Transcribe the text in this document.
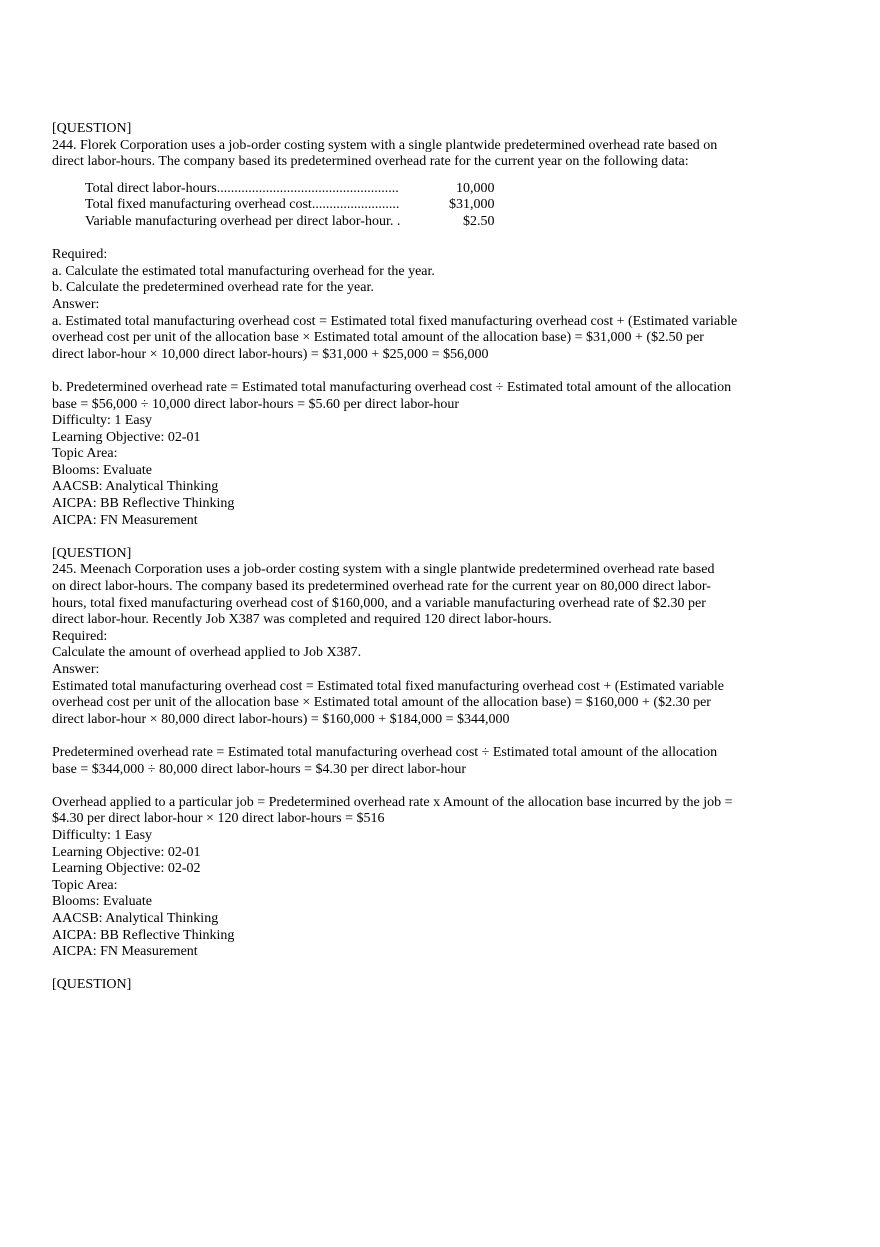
[QUESTION]
244. Florek Corporation uses a job-order costing system with a single plantwide predetermined overhead rate based on
direct labor-hours. The company based its predetermined overhead rate for the current year on the following data:
Total direct labor-hours....................................................	10,000
Total fixed manufacturing overhead cost.........................	$31,000
Variable manufacturing overhead per direct labor-hour. .	$2.50
Required:
a. Calculate the estimated total manufacturing overhead for the year.
b. Calculate the predetermined overhead rate for the year.
Answer:
a. Estimated total manufacturing overhead cost = Estimated total fixed manufacturing overhead cost + (Estimated variable
overhead cost per unit of the allocation base × Estimated total amount of the allocation base) = $31,000 + ($2.50 per
direct labor-hour × 10,000 direct labor-hours) = $31,000 + $25,000 = $56,000
b. Predetermined overhead rate = Estimated total manufacturing overhead cost ÷ Estimated total amount of the allocation
base = $56,000 ÷ 10,000 direct labor-hours = $5.60 per direct labor-hour
Difficulty: 1 Easy
Learning Objective: 02-01
Topic Area:
Blooms: Evaluate
AACSB: Analytical Thinking
AICPA: BB Reflective Thinking
AICPA: FN Measurement
[QUESTION]
245. Meenach Corporation uses a job-order costing system with a single plantwide predetermined overhead rate based
on direct labor-hours. The company based its predetermined overhead rate for the current year on 80,000 direct labor-
hours, total fixed manufacturing overhead cost of $160,000, and a variable manufacturing overhead rate of $2.30 per
direct labor-hour. Recently Job X387 was completed and required 120 direct labor-hours.
Required:
Calculate the amount of overhead applied to Job X387.
Answer:
Estimated total manufacturing overhead cost = Estimated total fixed manufacturing overhead cost + (Estimated variable
overhead cost per unit of the allocation base × Estimated total amount of the allocation base) = $160,000 + ($2.30 per
direct labor-hour × 80,000 direct labor-hours) = $160,000 + $184,000 = $344,000
Predetermined overhead rate = Estimated total manufacturing overhead cost ÷ Estimated total amount of the allocation
base = $344,000 ÷ 80,000 direct labor-hours = $4.30 per direct labor-hour
Overhead applied to a particular job = Predetermined overhead rate x Amount of the allocation base incurred by the job =
$4.30 per direct labor-hour × 120 direct labor-hours = $516
Difficulty: 1 Easy
Learning Objective: 02-01
Learning Objective: 02-02
Topic Area:
Blooms: Evaluate
AACSB: Analytical Thinking
AICPA: BB Reflective Thinking
AICPA: FN Measurement
[QUESTION]
